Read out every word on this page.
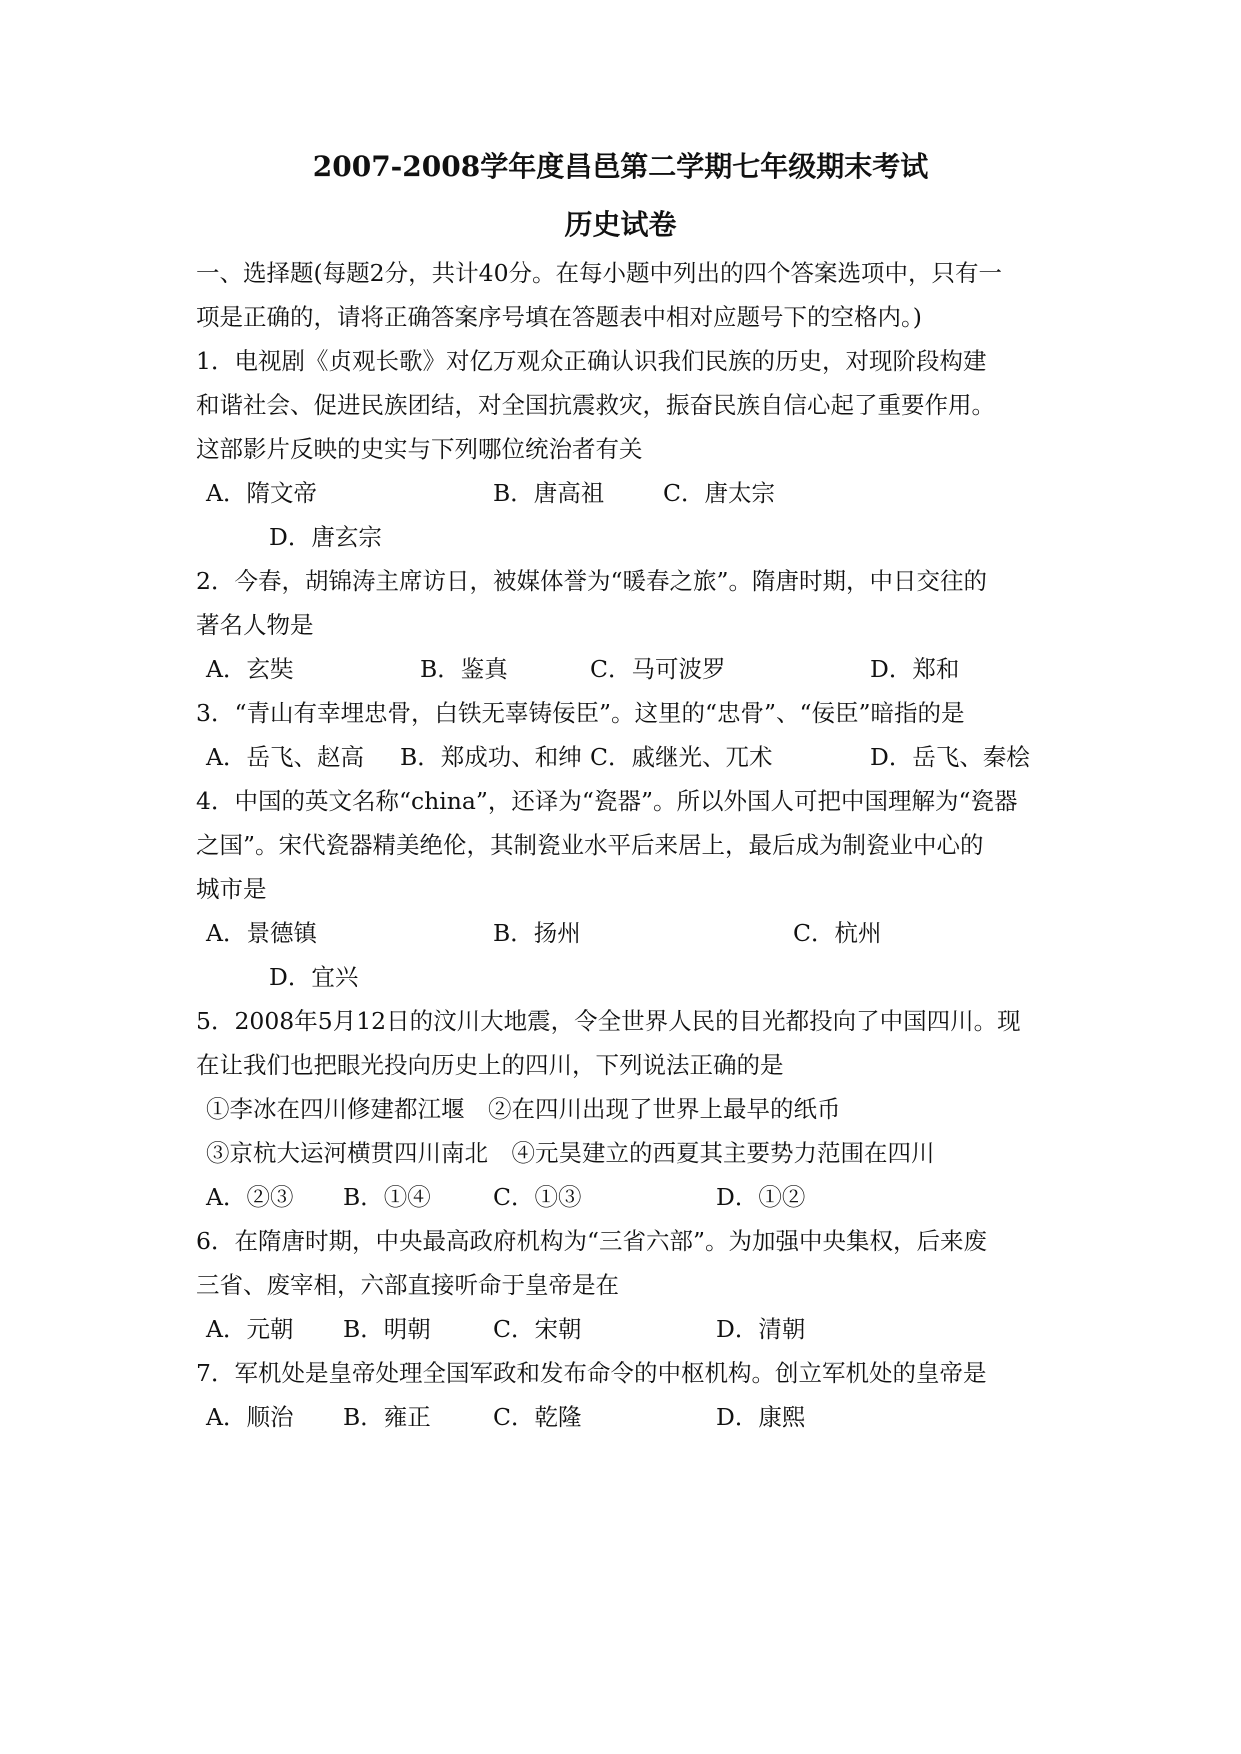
2007-2008学年度昌邑第二学期七年级期末考试
历史试卷
一、选择题(每题2分，共计40分。在每小题中列出的四个答案选项中，只有一
项是正确的，请将正确答案序号填在答题表中相对应题号下的空格内。)
1．电视剧《贞观长歌》对亿万观众正确认识我们民族的历史，对现阶段构建
和谐社会、促进民族团结，对全国抗震救灾，振奋民族自信心起了重要作用。
这部影片反映的史实与下列哪位统治者有关
A．隋文帝	B．唐高祖 C．唐太宗
D．唐玄宗
2．今春，胡锦涛主席访日，被媒体誉为“暖春之旅”。隋唐时期，中日交往的
著名人物是
A．玄奘	B．鉴真	C．马可波罗	D．郑和
3．“青山有幸埋忠骨，白铁无辜铸佞臣”。这里的“忠骨”、“佞臣”暗指的是
A．岳飞、赵高 B．郑成功、和绅 C．戚继光、兀术	D．岳飞、秦桧
4．中国的英文名称“china”，还译为“瓷器”。所以外国人可把中国理解为“瓷器
之国”。宋代瓷器精美绝伦，其制瓷业水平后来居上，最后成为制瓷业中心的
城市是
A．景德镇	B．扬州	C．杭州
D．宜兴
5．2008年5月12日的汶川大地震，令全世界人民的目光都投向了中国四川。现
在让我们也把眼光投向历史上的四川，下列说法正确的是
①李冰在四川修建都江堰　②在四川出现了世界上最早的纸币
③京杭大运河横贯四川南北　④元昊建立的西夏其主要势力范围在四川
A．②③ B．①④	C．①③	D．①②
6．在隋唐时期，中央最高政府机构为“三省六部”。为加强中央集权，后来废
三省、废宰相，六部直接听命于皇帝是在
A．元朝 B．明朝	C．宋朝	D．清朝
7．军机处是皇帝处理全国军政和发布命令的中枢机构。创立军机处的皇帝是
A．顺治 B．雍正	C．乾隆	D．康熙
